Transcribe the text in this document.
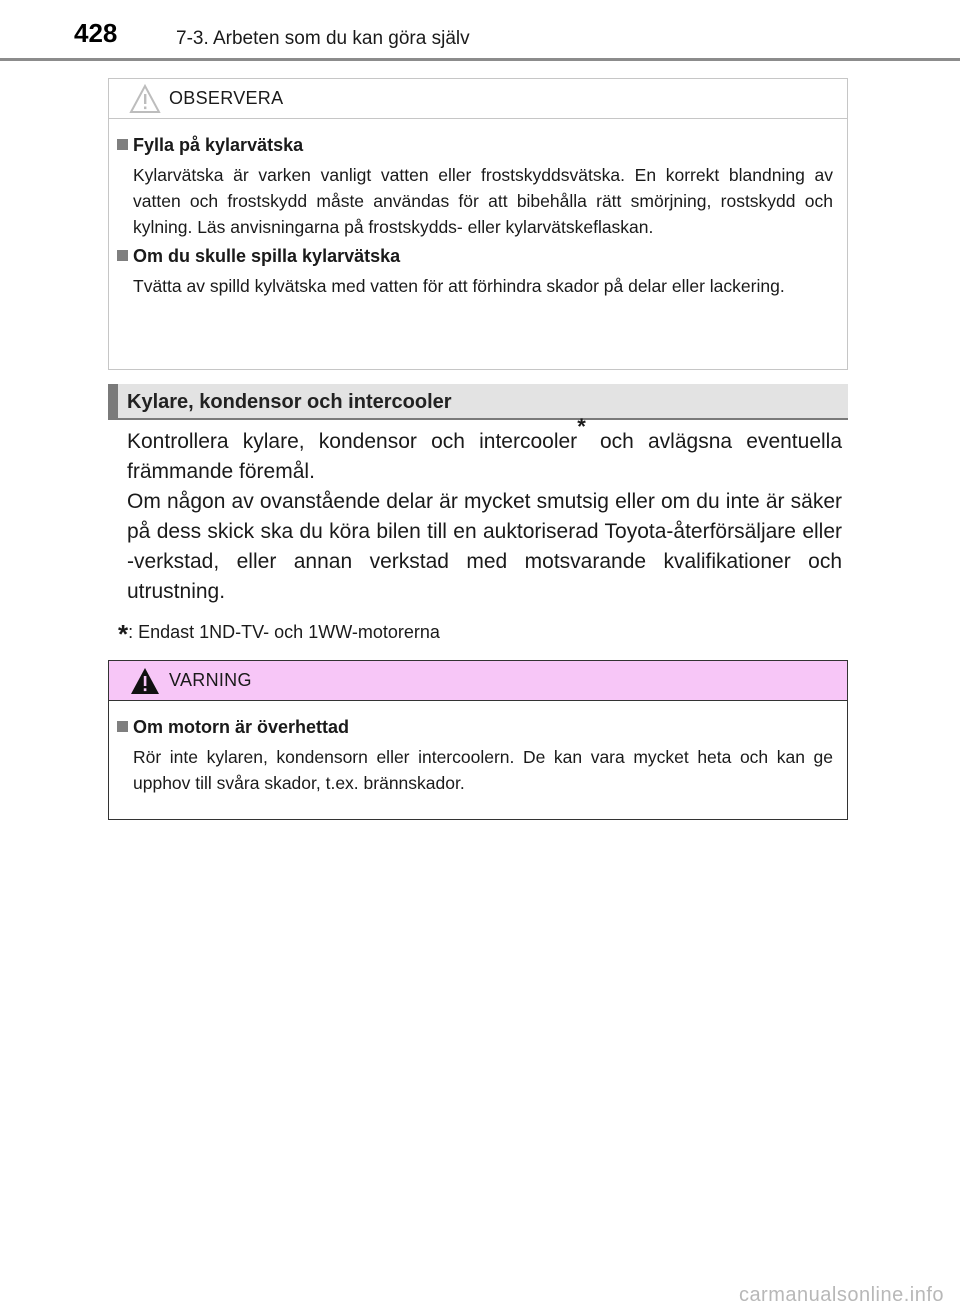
428	7-3. Arbeten som du kan göra själv
OBSERVERA
Fylla på kylarvätska
Kylarvätska är varken vanligt vatten eller frostskyddsvätska. En korrekt blandning av vatten och frostskydd måste användas för att bibehålla rätt smörjning, rostskydd och kylning. Läs anvisningarna på frostskydds- eller kylarvätskeflaskan.
Om du skulle spilla kylarvätska
Tvätta av spilld kylvätska med vatten för att förhindra skador på delar eller lackering.
Kylare, kondensor och intercooler

Kontrollera kylare, kondensor och intercooler* och avlägsna eventuella främmande föremål.

Om någon av ovanstående delar är mycket smutsig eller om du inte är säker på dess skick ska du köra bilen till en auktoriserad Toyota-återförsäljare eller -verkstad, eller annan verkstad med motsvarande kvalifikationer och utrustning.

*: Endast 1ND-TV- och 1WW-motorerna
VARNING
Om motorn är överhettad
Rör inte kylaren, kondensorn eller intercoolern. De kan vara mycket heta och kan ge upphov till svåra skador, t.ex. brännskador.
carmanualsonline.info
